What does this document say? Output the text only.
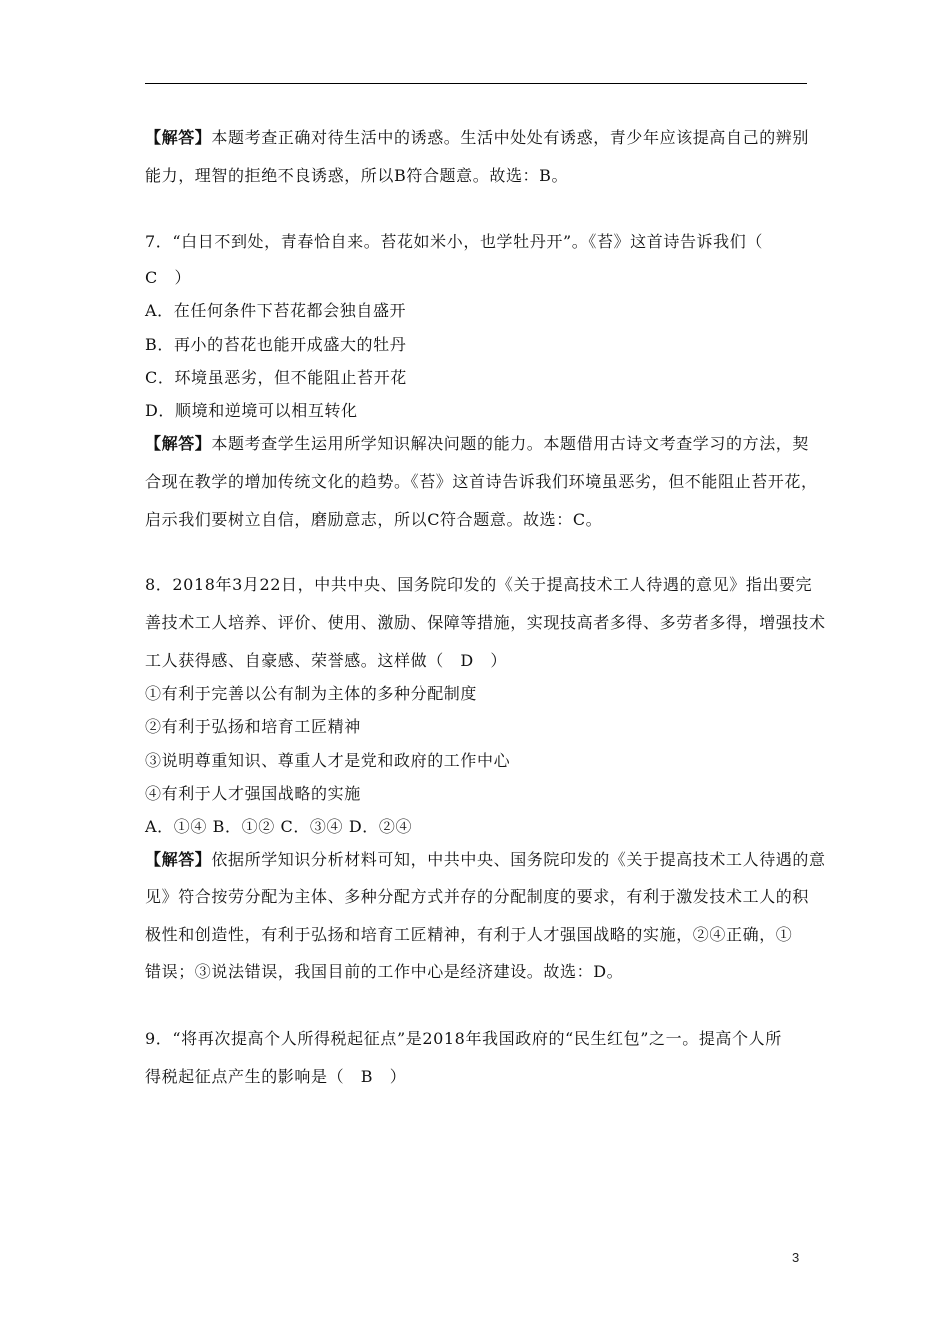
【解答】本题考查正确对待生活中的诱惑。生活中处处有诱惑，青少年应该提高自己的辨别
能力，理智的拒绝不良诱惑，所以B符合题意。故选：B。
7．“白日不到处，青春恰自来。苔花如米小，也学牡丹开”。《苔》这首诗告诉我们（
C　）
A．在任何条件下苔花都会独自盛开
B．再小的苔花也能开成盛大的牡丹
C．环境虽恶劣，但不能阻止苔开花
D．顺境和逆境可以相互转化
【解答】本题考查学生运用所学知识解决问题的能力。本题借用古诗文考查学习的方法，契
合现在教学的增加传统文化的趋势。《苔》这首诗告诉我们环境虽恶劣，但不能阻止苔开花，
启示我们要树立自信，磨励意志，所以C符合题意。故选：C。
8．2018年3月22日，中共中央、国务院印发的《关于提高技术工人待遇的意见》指出要完
善技术工人培养、评价、使用、激励、保障等措施，实现技高者多得、多劳者多得，增强技术
工人获得感、自豪感、荣誉感。这样做（　D　）
①有利于完善以公有制为主体的多种分配制度
②有利于弘扬和培育工匠精神
③说明尊重知识、尊重人才是党和政府的工作中心
④有利于人才强国战略的实施
A．①④ B．①② C．③④ D．②④
【解答】依据所学知识分析材料可知，中共中央、国务院印发的《关于提高技术工人待遇的意
见》符合按劳分配为主体、多种分配方式并存的分配制度的要求，有利于激发技术工人的积
极性和创造性，有利于弘扬和培育工匠精神，有利于人才强国战略的实施，②④正确，①
错误；③说法错误，我国目前的工作中心是经济建设。故选：D。
9．“将再次提高个人所得税起征点”是2018年我国政府的“民生红包”之一。提高个人所
得税起征点产生的影响是（　B　）
3
